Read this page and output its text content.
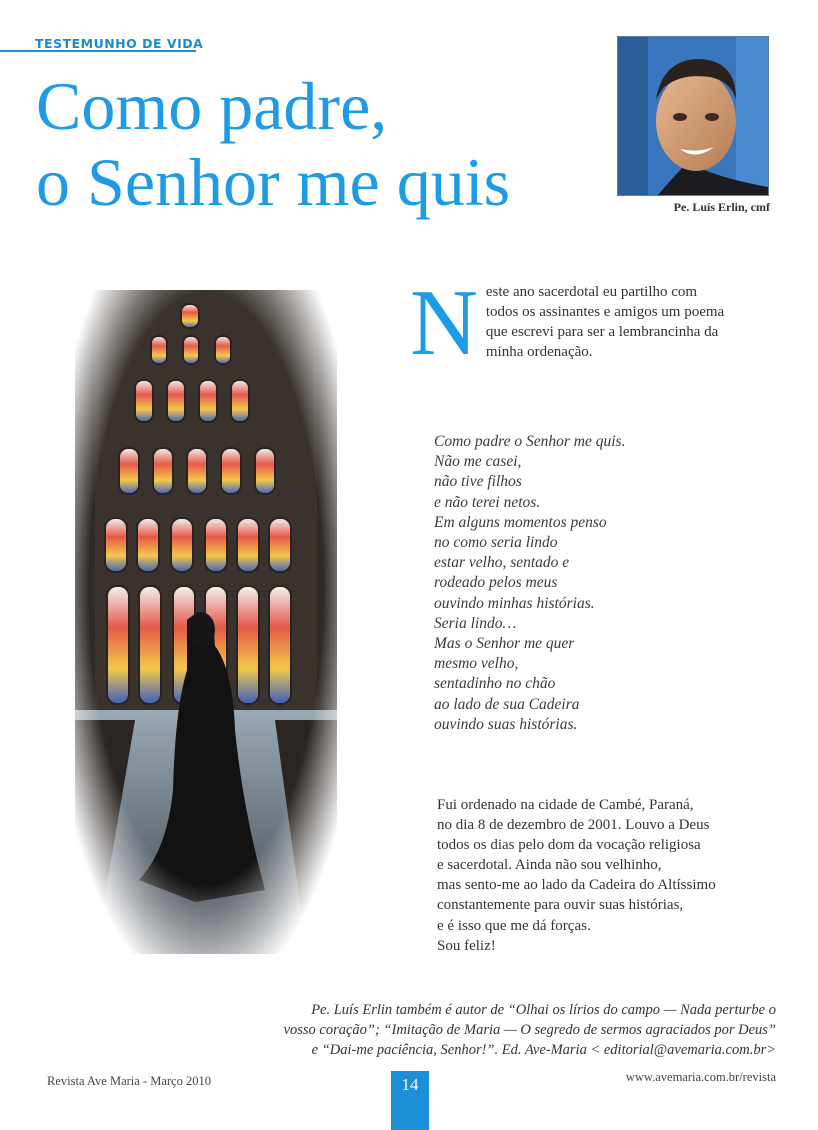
TESTEMUNHO DE VIDA
Como padre,
o Senhor me quis	Pe. Luís Erlin, cmf
N este ano sacerdotal eu partilho com todos os assinantes e amigos um poema que escrevi para ser a lembrancinha da minha ordenação.
Como padre o Senhor me quis.
Não me casei,
não tive filhos
e não terei netos.
Em alguns momentos penso
no como seria lindo
estar velho, sentado e
rodeado pelos meus
ouvindo minhas histórias.
Seria lindo…
Mas o Senhor me quer
mesmo velho,
sentadinho no chão
ao lado de sua Cadeira
ouvindo suas histórias.
Fui ordenado na cidade de Cambé, Paraná,
no dia 8 de dezembro de 2001. Louvo a Deus
todos os dias pelo dom da vocação religiosa
e sacerdotal. Ainda não sou velhinho,
mas sento-me ao lado da Cadeira do Altíssimo
constantemente para ouvir suas histórias,
e é isso que me dá forças.
Sou feliz!
Pe. Luís Erlin também é autor de “Olhai os lírios do campo — Nada perturbe o
vosso coração”; “Imitação de Maria — O segredo de sermos agraciados por Deus”
e “Dai-me paciência, Senhor!”. Ed. Ave-Maria < editorial@avemaria.com.br>
Revista Ave Maria - Março 2010	14	www.avemaria.com.br/revista
